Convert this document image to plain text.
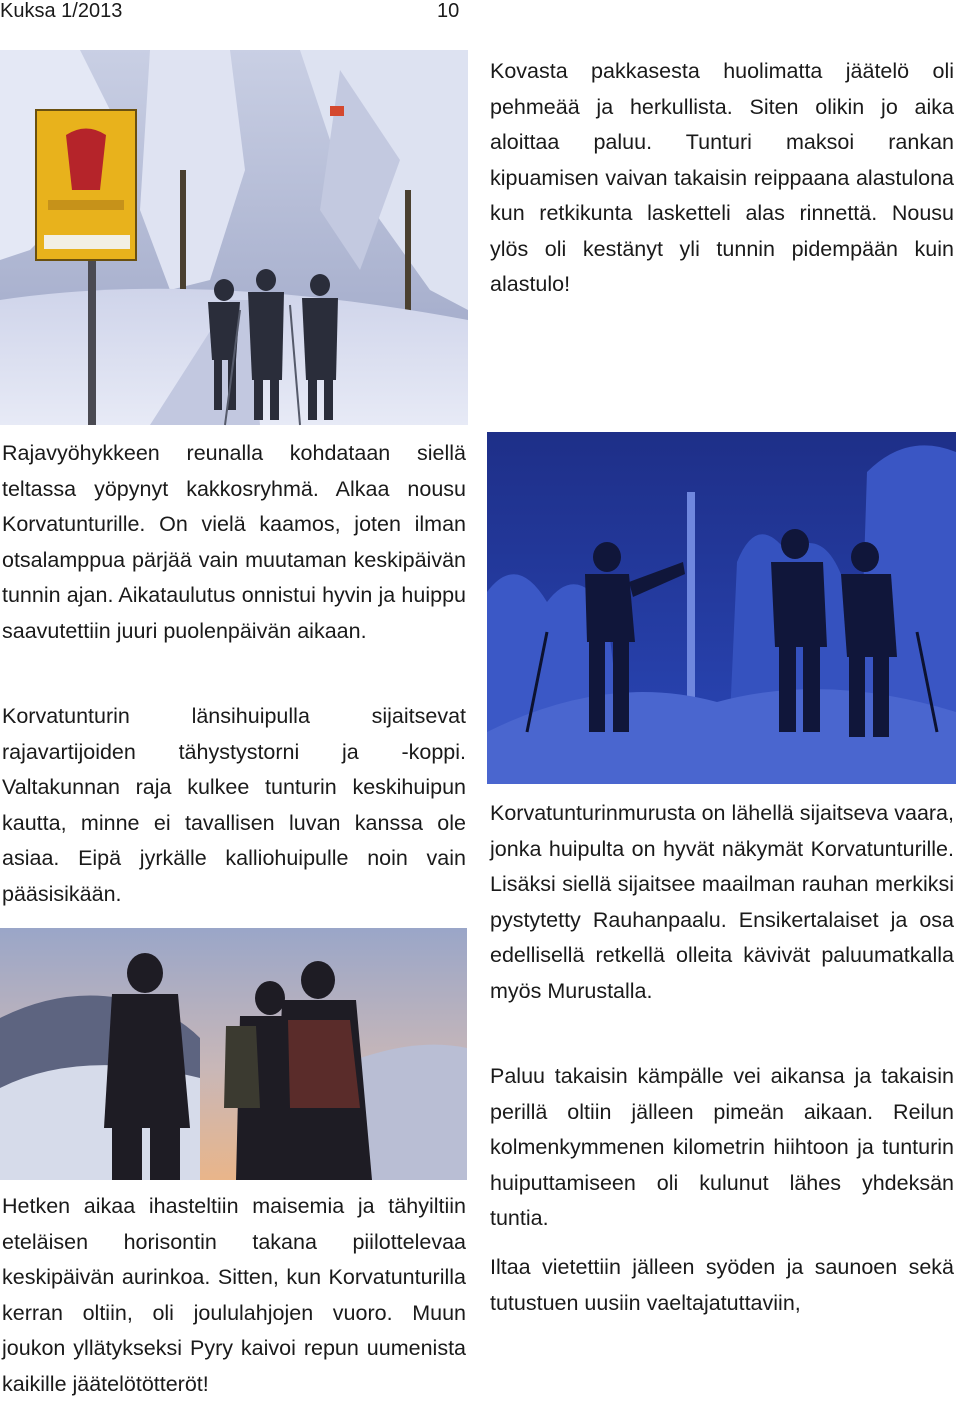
Kuksa 1/2013	10

Kovasta pakkasesta huolimatta jäätelö oli pehmeää ja herkullista. Siten olikin jo aika aloittaa paluu. Tunturi maksoi rankan kipuamisen vaivan takaisin reippaana alastulona kun retkikunta lasketteli alas rinnettä. Nousu ylös oli kestänyt yli tunnin pidempään kuin alastulo!

Rajavyöhykkeen reunalla kohdataan siellä teltassa yöpynyt kakkosryhmä. Alkaa nousu Korvatunturille. On vielä kaamos, joten ilman otsalamppua pärjää vain muutaman keskipäivän tunnin ajan. Aikataulutus onnistui hyvin ja huippu saavutettiin juuri puolenpäivän aikaan.

Korvatunturin länsihuipulla sijaitsevat rajavartijoiden tähystystorni ja -koppi. Valtakunnan raja kulkee tunturin keskihuipun kautta, minne ei tavallisen luvan kanssa ole asiaa. Eipä jyrkälle kalliohuipulle noin vain pääsisikään.

Korvatunturinmurusta on lähellä sijaitseva vaara, jonka huipulta on hyvät näkymät Korvatunturille. Lisäksi siellä sijaitsee maailman rauhan merkiksi pystytetty Rauhanpaalu. Ensikertalaiset ja osa edellisellä retkellä olleita kävivät paluumatkalla myös Murustalla.

Paluu takaisin kämpälle vei aikansa ja takaisin perillä oltiin jälleen pimeän aikaan. Reilun kolmenkymmenen kilometrin hiihtoon ja tunturin huiputtamiseen oli kulunut lähes yhdeksän tuntia.

Hetken aikaa ihasteltiin maisemia ja tähyiltiin eteläisen horisontin takana piilottelevaa keskipäivän aurinkoa. Sitten, kun Korvatunturilla kerran oltiin, oli joululahjojen vuoro. Muun joukon yllätykseksi Pyry kaivoi repun uumenista kaikille jäätelötötteröt!

Iltaa vietettiin jälleen syöden ja saunoen sekä tutustuen uusiin vaeltajatuttaviin,
